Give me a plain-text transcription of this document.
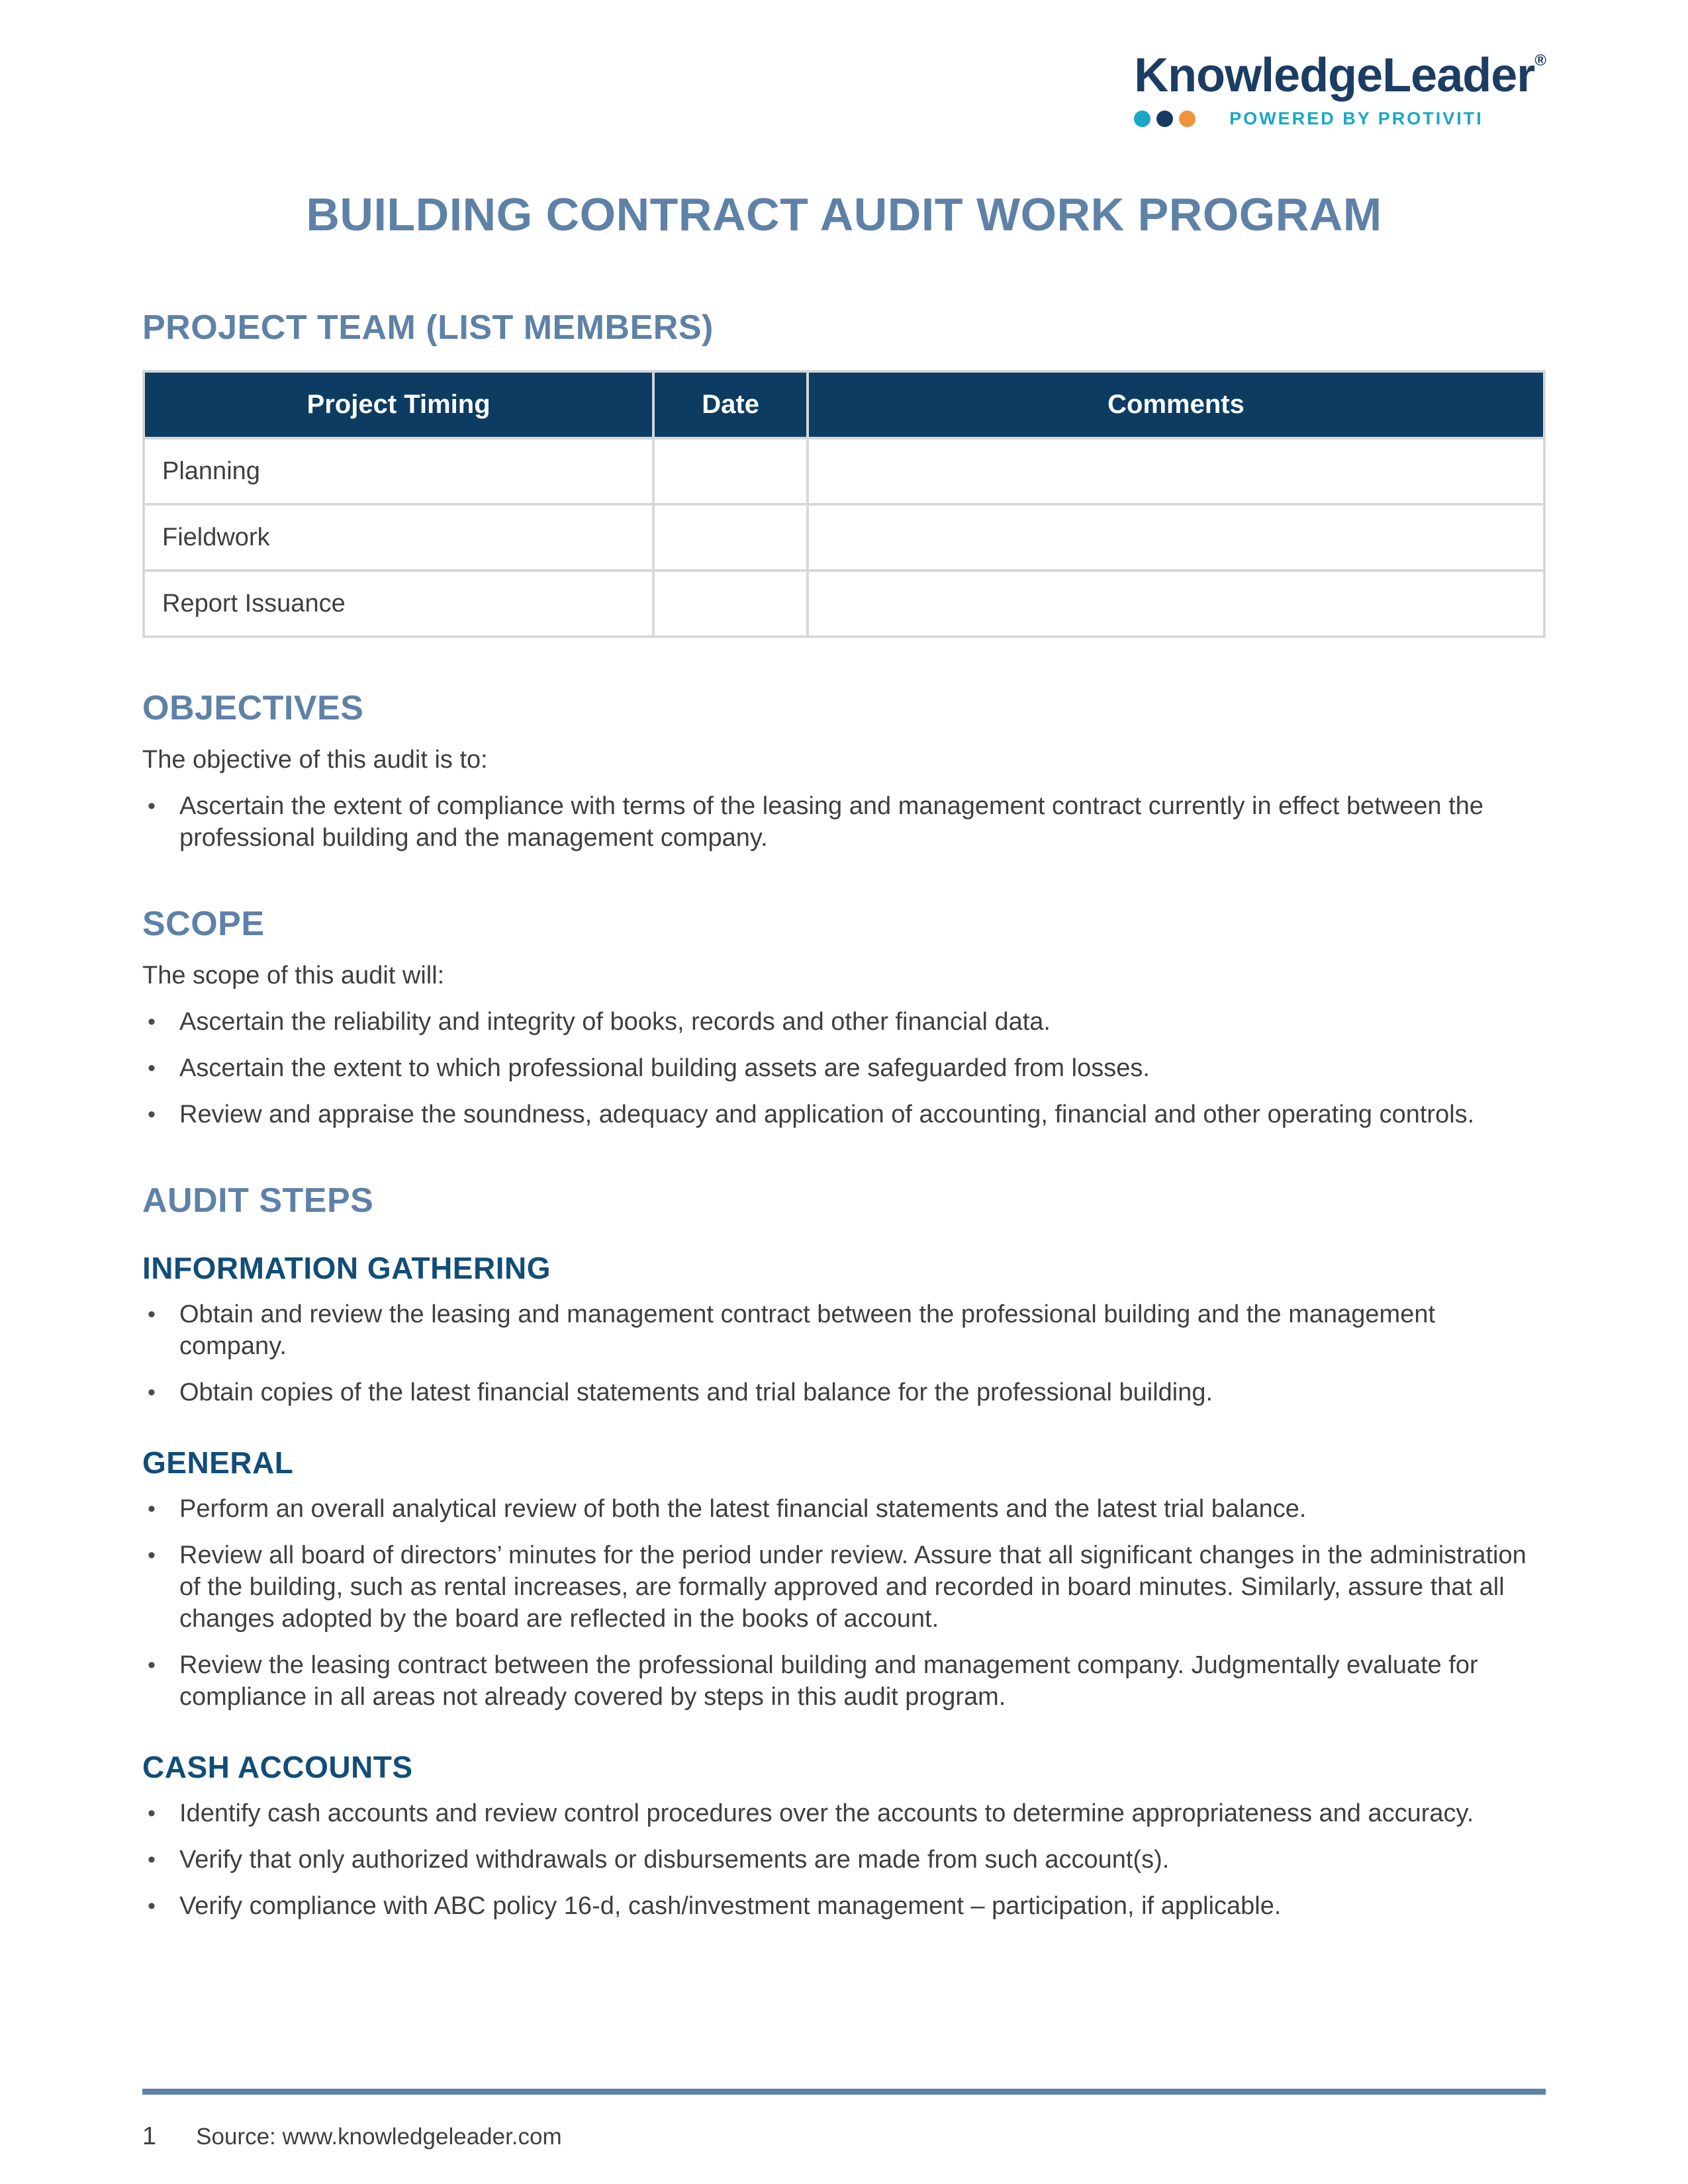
KnowledgeLeader®
POWERED BY PROTIVITI
BUILDING CONTRACT AUDIT WORK PROGRAM
PROJECT TEAM (LIST MEMBERS)
Project Timing	Date	Comments
Planning		
Fieldwork		
Report Issuance		
OBJECTIVES

The objective of this audit is to:

• Ascertain the extent of compliance with terms of the leasing and management contract currently in effect between the professional building and the management company.
SCOPE

The scope of this audit will:

• Ascertain the reliability and integrity of books, records and other financial data.
• Ascertain the extent to which professional building assets are safeguarded from losses.
• Review and appraise the soundness, adequacy and application of accounting, financial and other operating controls.
AUDIT STEPS
INFORMATION GATHERING
• Obtain and review the leasing and management contract between the professional building and the management company.
• Obtain copies of the latest financial statements and trial balance for the professional building.
GENERAL
• Perform an overall analytical review of both the latest financial statements and the latest trial balance.
• Review all board of directors’ minutes for the period under review. Assure that all significant changes in the administration of the building, such as rental increases, are formally approved and recorded in board minutes. Similarly, assure that all changes adopted by the board are reflected in the books of account.
• Review the leasing contract between the professional building and management company. Judgmentally evaluate for compliance in all areas not already covered by steps in this audit program.
CASH ACCOUNTS
• Identify cash accounts and review control procedures over the accounts to determine appropriateness and accuracy.
• Verify that only authorized withdrawals or disbursements are made from such account(s).
• Verify compliance with ABC policy 16-d, cash/investment management – participation, if applicable.
1 Source: www.knowledgeleader.com
